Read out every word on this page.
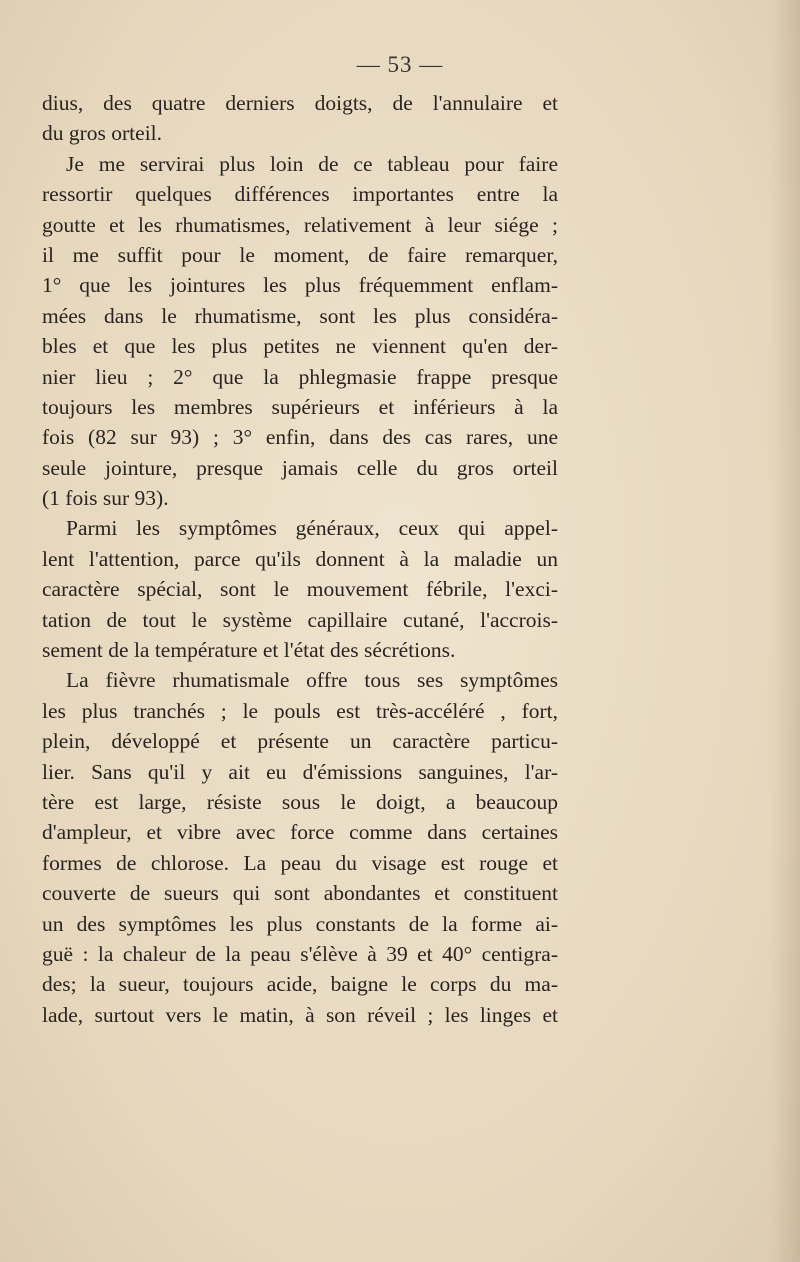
— 53 —
dius, des quatre derniers doigts, de l'annulaire et
du gros orteil.
Je me servirai plus loin de ce tableau pour faire
ressortir quelques différences importantes entre la
goutte et les rhumatismes, relativement à leur siége ;
il me suffit pour le moment, de faire remarquer,
1° que les jointures les plus fréquemment enflam-
mées dans le rhumatisme, sont les plus considéra-
bles et que les plus petites ne viennent qu'en der-
nier lieu ; 2° que la phlegmasie frappe presque
toujours les membres supérieurs et inférieurs à la
fois (82 sur 93) ; 3° enfin, dans des cas rares, une
seule jointure, presque jamais celle du gros orteil
(1 fois sur 93).
Parmi les symptômes généraux, ceux qui appel-
lent l'attention, parce qu'ils donnent à la maladie un
caractère spécial, sont le mouvement fébrile, l'exci-
tation de tout le système capillaire cutané, l'accrois-
sement de la température et l'état des sécrétions.
La fièvre rhumatismale offre tous ses symptômes
les plus tranchés ; le pouls est très-accéléré , fort,
plein, développé et présente un caractère particu-
lier. Sans qu'il y ait eu d'émissions sanguines, l'ar-
tère est large, résiste sous le doigt, a beaucoup
d'ampleur, et vibre avec force comme dans certaines
formes de chlorose. La peau du visage est rouge et
couverte de sueurs qui sont abondantes et constituent
un des symptômes les plus constants de la forme ai-
guë : la chaleur de la peau s'élève à 39 et 40° centigra-
des; la sueur, toujours acide, baigne le corps du ma-
lade, surtout vers le matin, à son réveil ; les linges et
